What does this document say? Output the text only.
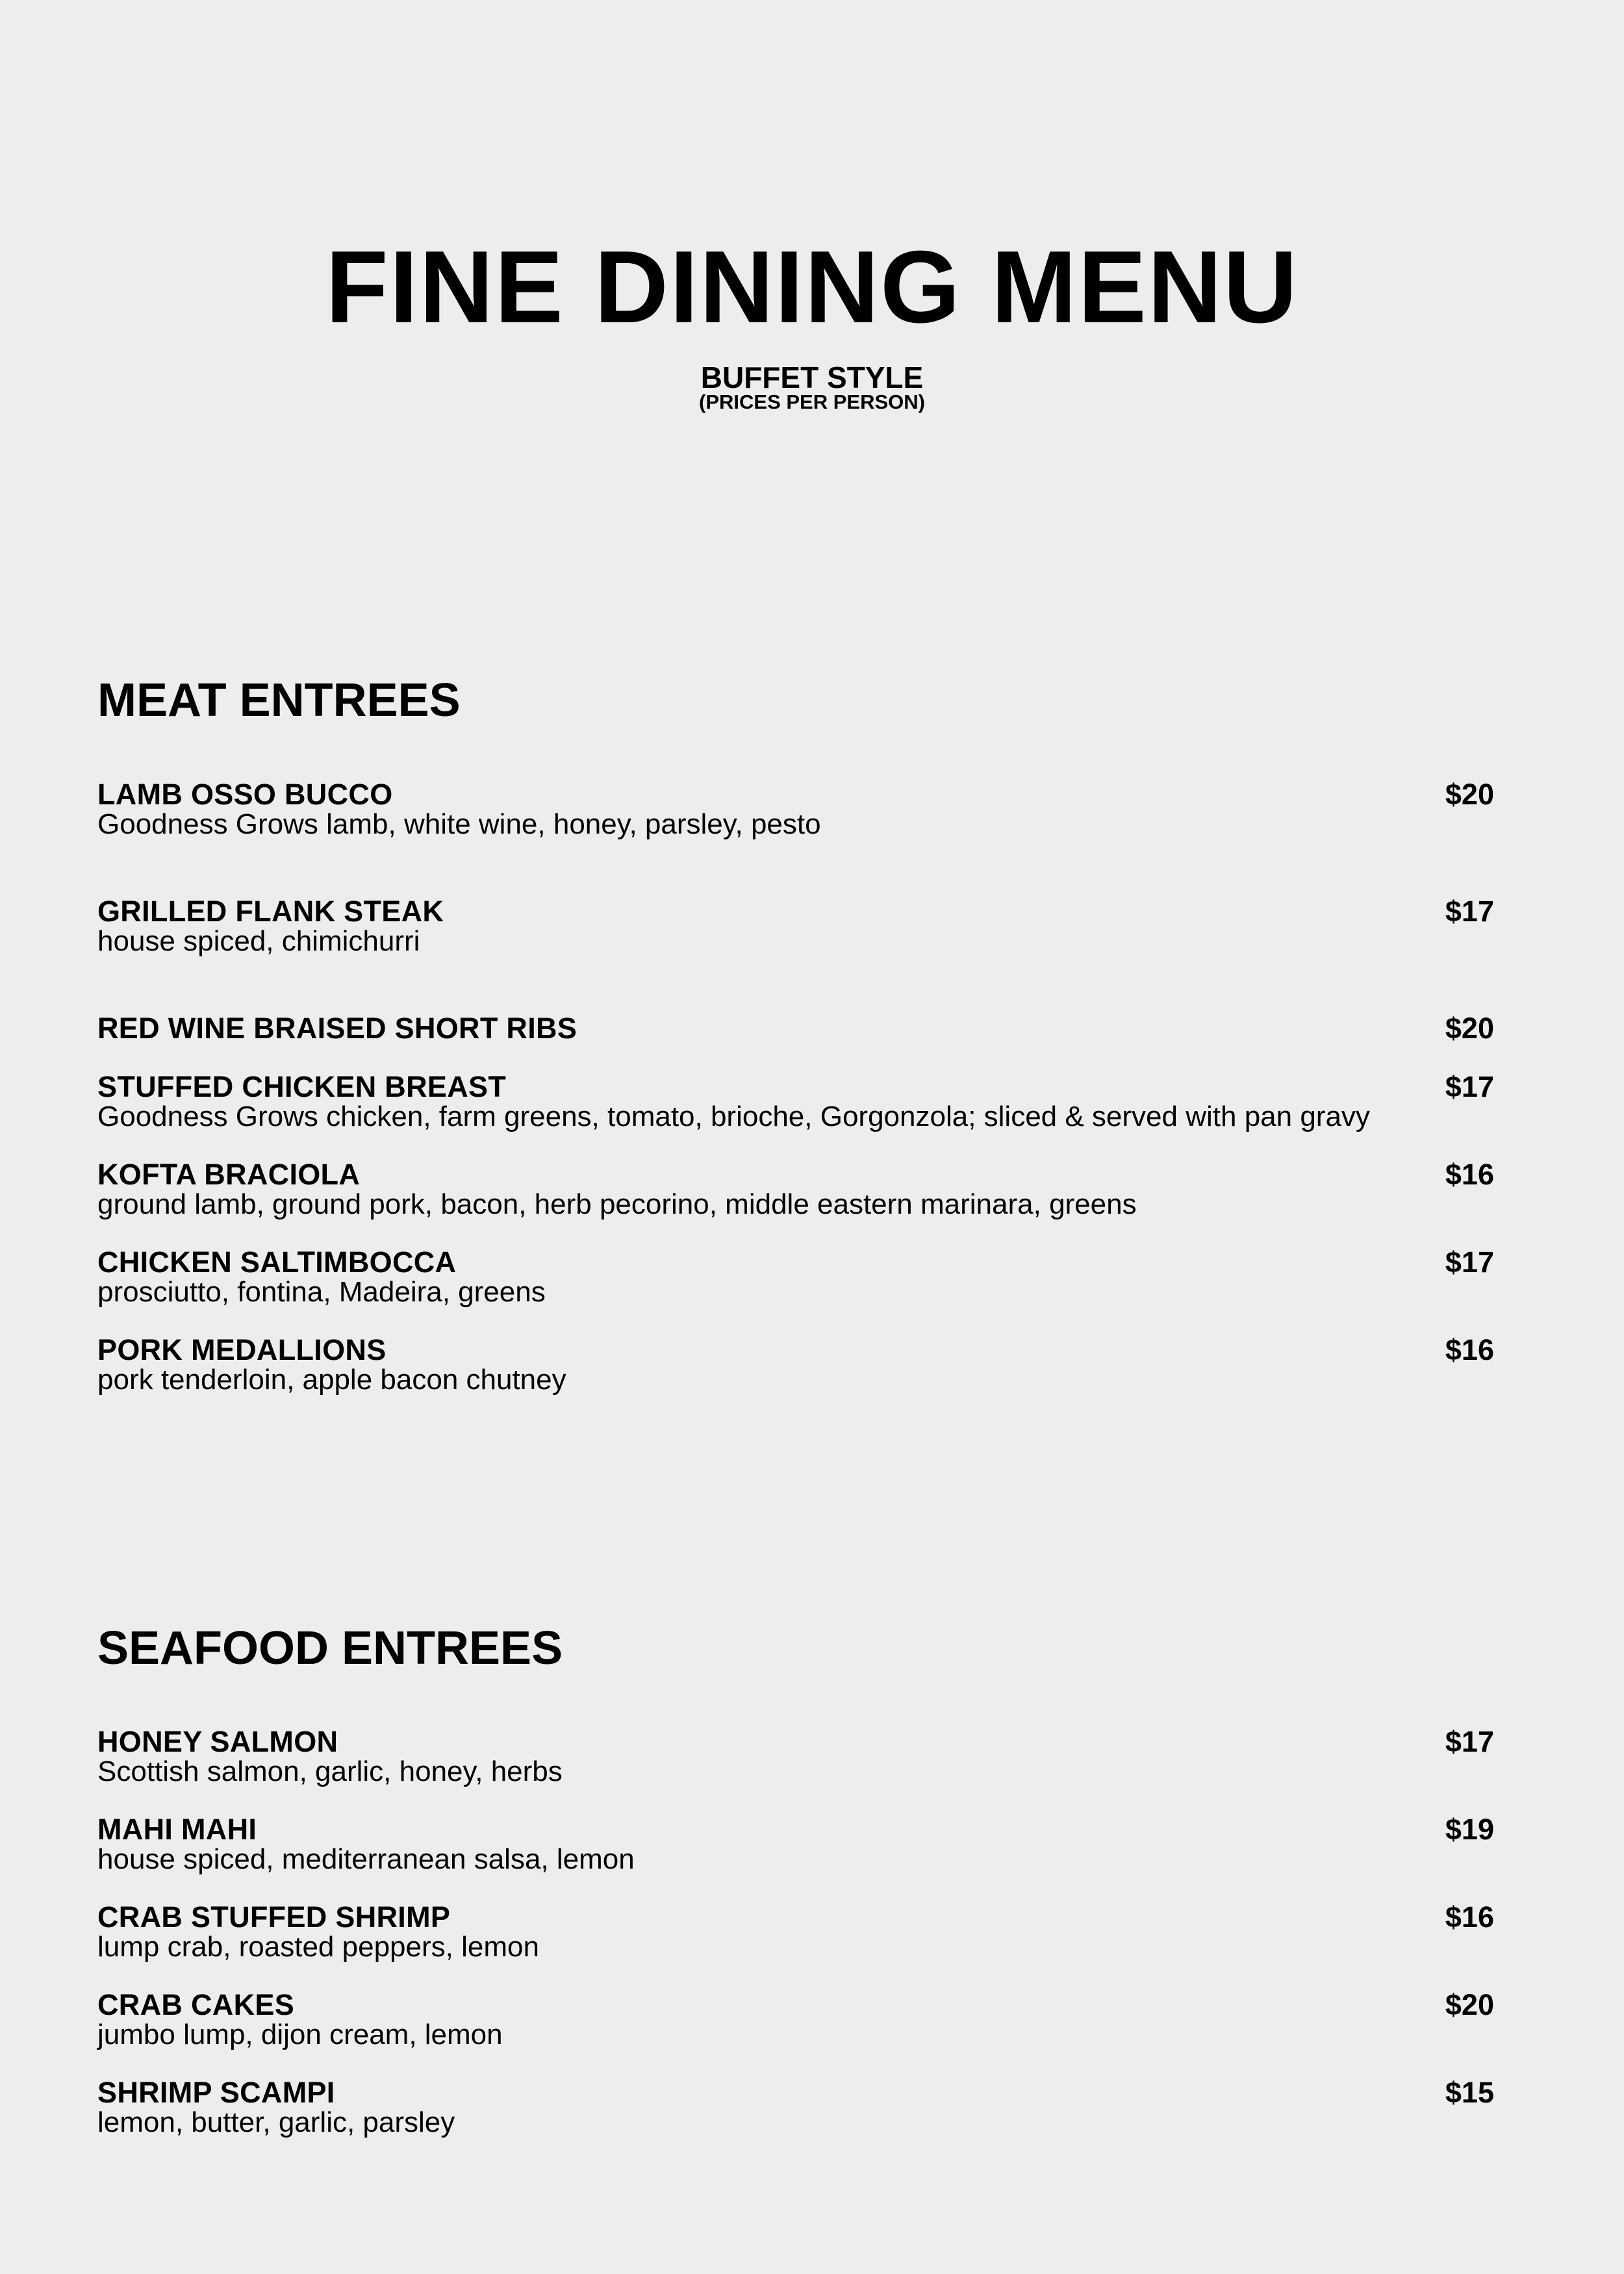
FINE DINING MENU
BUFFET STYLE
(PRICES PER PERSON)
MEAT ENTREES
LAMB OSSO BUCCO
Goodness Grows lamb, white wine, honey, parsley, pesto
$20
GRILLED FLANK STEAK
house spiced, chimichurri
$17
RED WINE BRAISED SHORT RIBS	$20
STUFFED CHICKEN BREAST
Goodness Grows chicken, farm greens, tomato, brioche, Gorgonzola; sliced & served with pan gravy
$17
KOFTA BRACIOLA
ground lamb, ground pork, bacon, herb pecorino, middle eastern marinara, greens
$16
CHICKEN SALTIMBOCCA
prosciutto, fontina, Madeira, greens
$17
PORK MEDALLIONS
pork tenderloin, apple bacon chutney
$16
SEAFOOD ENTREES
HONEY SALMON
Scottish salmon, garlic, honey, herbs
$17
MAHI MAHI
house spiced, mediterranean salsa, lemon
$19
CRAB STUFFED SHRIMP
lump crab, roasted peppers, lemon
$16
CRAB CAKES
jumbo lump, dijon cream, lemon
$20
SHRIMP SCAMPI
lemon, butter, garlic, parsley
$15
